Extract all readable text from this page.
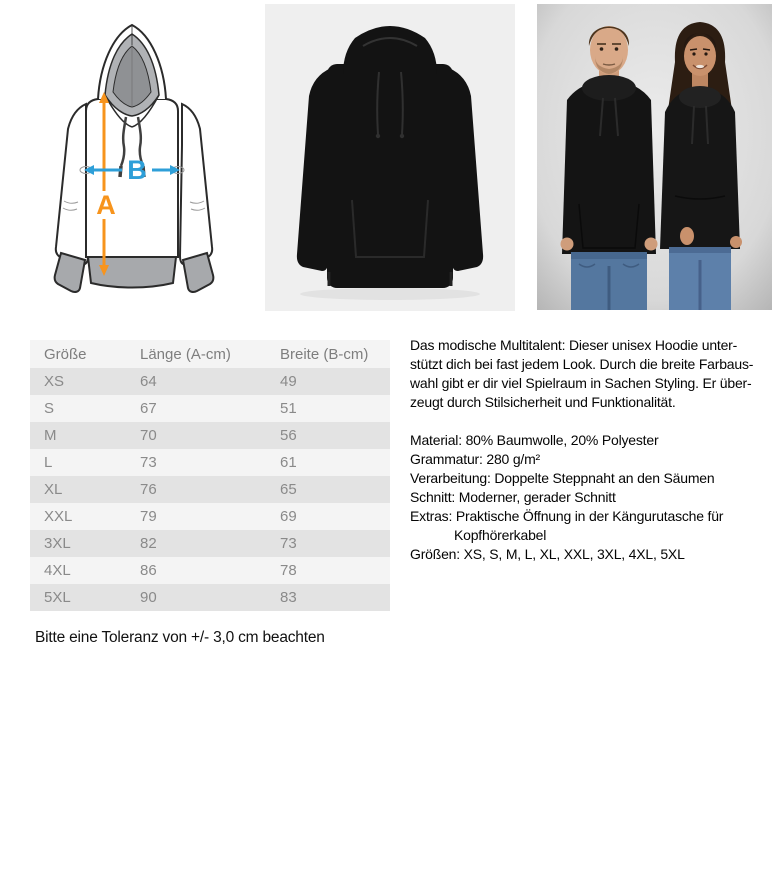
A
B
Größe	Länge (A-cm)	Breite (B-cm)
XS	64	49
S	67	51
M	70	56
L	73	61
XL	76	65
XXL	79	69
3XL	82	73
4XL	86	78
5XL	90	83
Das modische Multitalent: Dieser unisex Hoodie unter-
stützt dich bei fast jedem Look. Durch die breite Farbaus-
wahl gibt er dir viel Spielraum in Sachen Styling. Er über-
zeugt durch Stilsicherheit und Funktionalität.
Material: 80% Baumwolle, 20% Polyester
Grammatur: 280 g/m²
Verarbeitung: Doppelte Steppnaht an den Säumen
Schnitt: Moderner, gerader Schnitt
Extras: Praktische Öffnung in der Kängurutasche für
Kopfhörerkabel
Größen: XS, S, M, L, XL, XXL, 3XL, 4XL, 5XL
Bitte eine Toleranz von +/- 3,0 cm beachten
